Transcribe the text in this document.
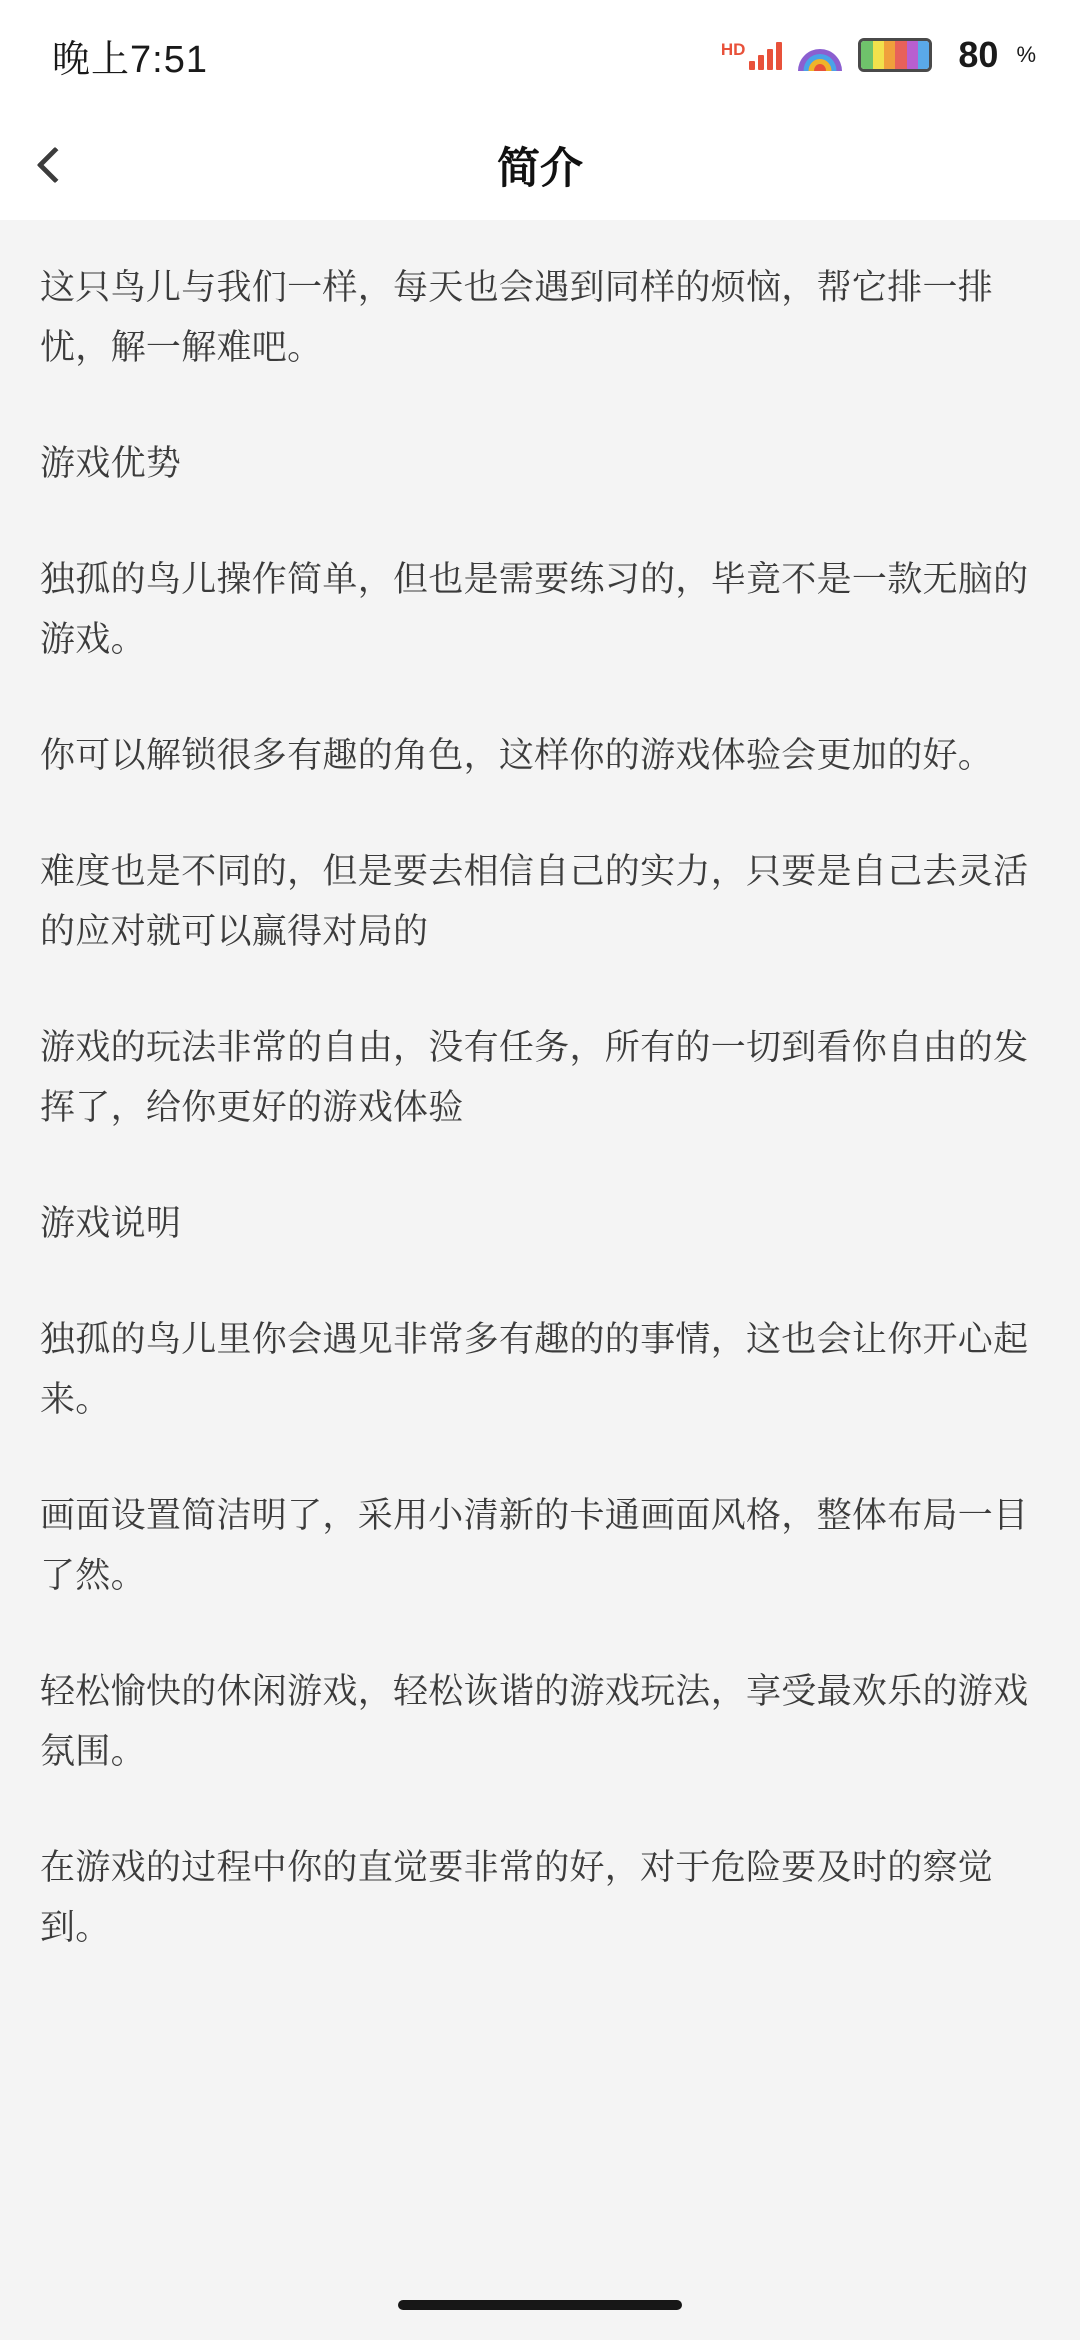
晚上7:51	HD	80 %
简介

这只鸟儿与我们一样，每天也会遇到同样的烦恼，帮它排一排忧，解一解难吧。

游戏优势

独孤的鸟儿操作简单，但也是需要练习的，毕竟不是一款无脑的游戏。

你可以解锁很多有趣的角色，这样你的游戏体验会更加的好。

难度也是不同的，但是要去相信自己的实力，只要是自己去灵活的应对就可以赢得对局的

游戏的玩法非常的自由，没有任务，所有的一切到看你自由的发挥了，给你更好的游戏体验

游戏说明

独孤的鸟儿里你会遇见非常多有趣的的事情，这也会让你开心起来。

画面设置简洁明了，采用小清新的卡通画面风格，整体布局一目了然。

轻松愉快的休闲游戏，轻松诙谐的游戏玩法，享受最欢乐的游戏氛围。

在游戏的过程中你的直觉要非常的好，对于危险要及时的察觉到。
